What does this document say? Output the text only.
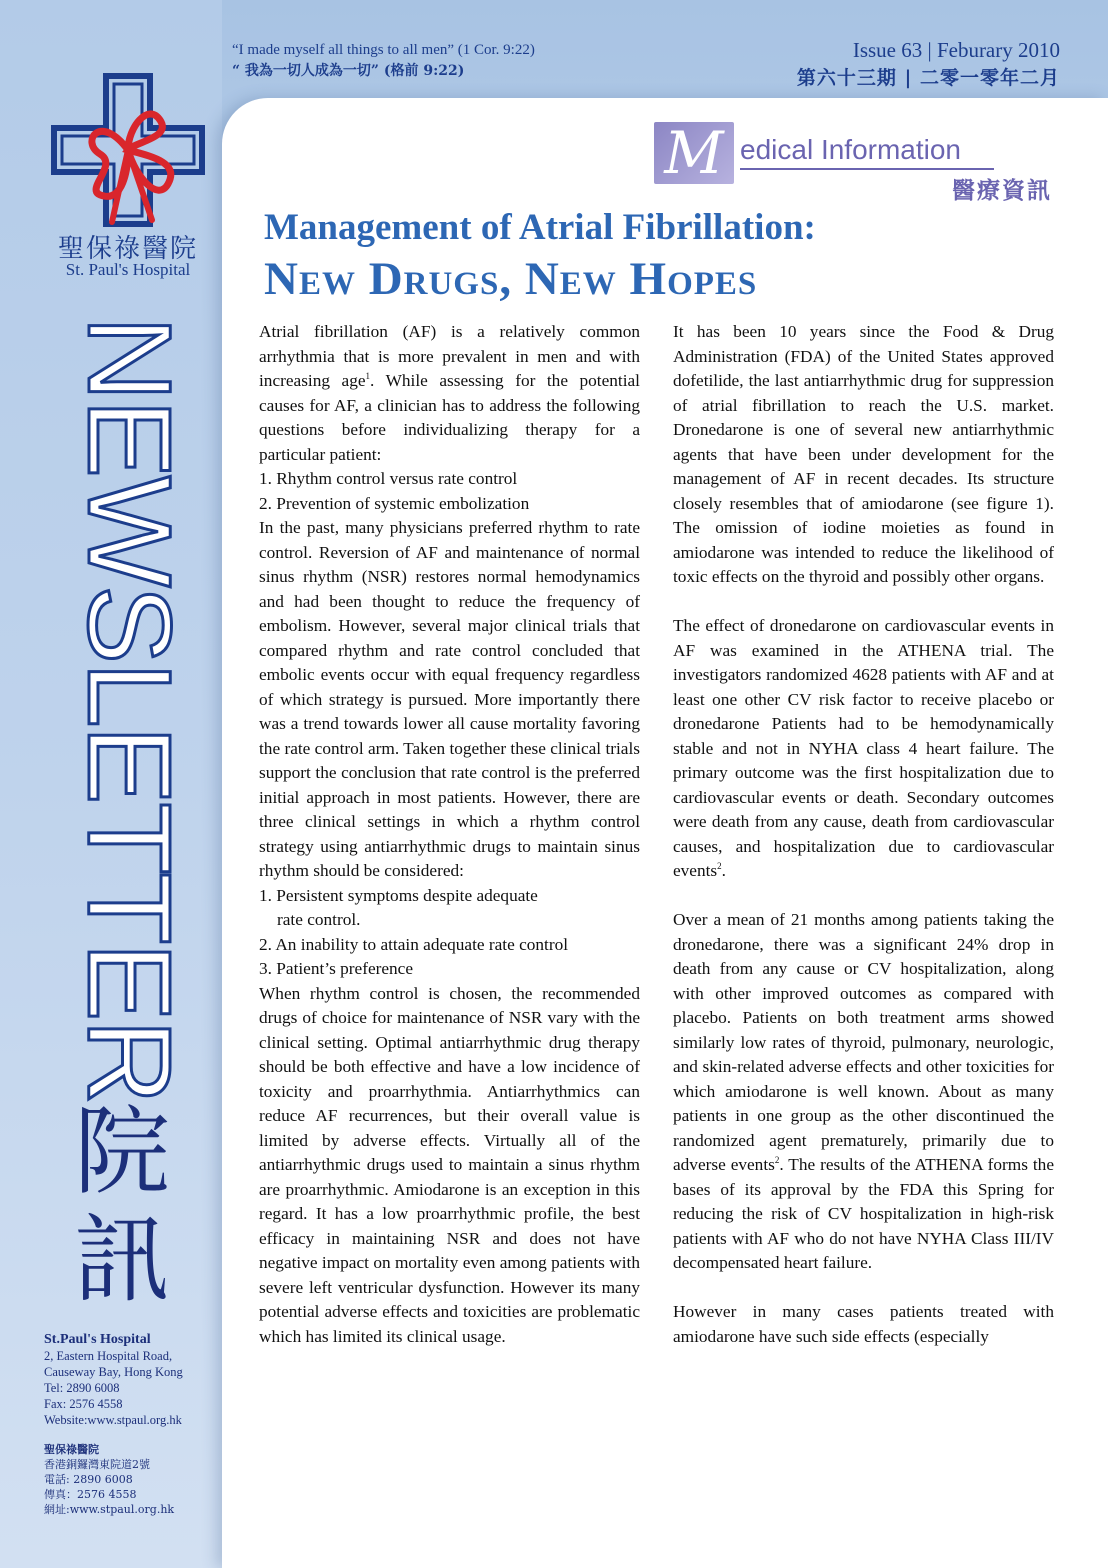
聖保祿醫院
St. Paul's Hospital
NEWSLETTER
院
訊
St.Paul's Hospital
2, Eastern Hospital Road,
Causeway Bay, Hong Kong
Tel: 2890 6008
Fax: 2576 4558
Website:www.stpaul.org.hk
聖保祿醫院
香港銅鑼灣東院道2號
電話: 2890 6008
傳真：2576 4558
網址:www.stpaul.org.hk
“I made myself all things to all men” (1 Cor. 9:22)
“ 我為一切人成為一切” (格前 9:22)
Issue 63 | Feburary 2010
第六十三期 | 二零一零年二月
M edical Information
醫療資訊
Management of Atrial Fibrillation:
New Drugs, New Hopes

Atrial fibrillation (AF) is a relatively common arrhythmia that is more prevalent in men and with increasing age$^1$. While assessing for the potential causes for AF, a clinician has to address the following questions before individualizing therapy for a particular patient:

1. Rhythm control versus rate control

2. Prevention of systemic embolization

In the past, many physicians preferred rhythm to rate control. Reversion of AF and maintenance of normal sinus rhythm (NSR) restores normal hemodynamics and had been thought to reduce the frequency of embolism. However, several major clinical trials that compared rhythm and rate control concluded that embolic events occur with equal frequency regardless of which strategy is pursued. More importantly there was a trend towards lower all cause mortality favoring the rate control arm. Taken together these clinical trials support the conclusion that rate control is the preferred initial approach in most patients. However, there are three clinical settings in which a rhythm control strategy using antiarrhythmic drugs to maintain sinus rhythm should be considered:

1. Persistent symptoms despite adequate

rate control.

2. An inability to attain adequate rate control

3. Patient’s preference

When rhythm control is chosen, the recommended drugs of choice for maintenance of NSR vary with the clinical setting. Optimal antiarrhythmic drug therapy should be both effective and have a low incidence of toxicity and proarrhythmia. Antiarrhythmics can reduce AF recurrences, but their overall value is limited by adverse effects. Virtually all of the antiarrhythmic drugs used to maintain a sinus rhythm are proarrhythmic. Amiodarone is an exception in this regard. It has a low proarrhythmic profile, the best efficacy in maintaining NSR and does not have negative impact on mortality even among patients with severe left ventricular dysfunction. However its many potential adverse effects and toxicities are problematic which has limited its clinical usage.

It has been 10 years since the Food & Drug Administration (FDA) of the United States approved dofetilide, the last antiarrhythmic drug for suppression of atrial fibrillation to reach the U.S. market. Dronedarone is one of several new antiarrhythmic agents that have been under development for the management of AF in recent decades. Its structure closely resembles that of amiodarone (see figure 1). The omission of iodine moieties as found in amiodarone was intended to reduce the likelihood of toxic effects on the thyroid and possibly other organs.

The effect of dronedarone on cardiovascular events in AF was examined in the ATHENA trial. The investigators randomized 4628 patients with AF and at least one other CV risk factor to receive placebo or dronedarone Patients had to be hemodynamically stable and not in NYHA class 4 heart failure. The primary outcome was the first hospitalization due to cardiovascular events or death. Secondary outcomes were death from any cause, death from cardiovascular causes, and hospitalization due to cardiovascular events$^2$.

Over a mean of 21 months among patients taking the dronedarone, there was a significant 24% drop in death from any cause or CV hospitalization, along with other improved outcomes as compared with placebo. Patients on both treatment arms showed similarly low rates of thyroid, pulmonary, neurologic, and skin-related adverse effects and other toxicities for which amiodarone is well known. About as many patients in one group as the other discontinued the randomized agent prematurely, primarily due to adverse events$^2$. The results of the ATHENA forms the bases of its approval by the FDA this Spring for reducing the risk of CV hospitalization in high-risk patients with AF who do not have NYHA Class III/IV decompensated heart failure.

However in many cases patients treated with amiodarone have such side effects (especially
